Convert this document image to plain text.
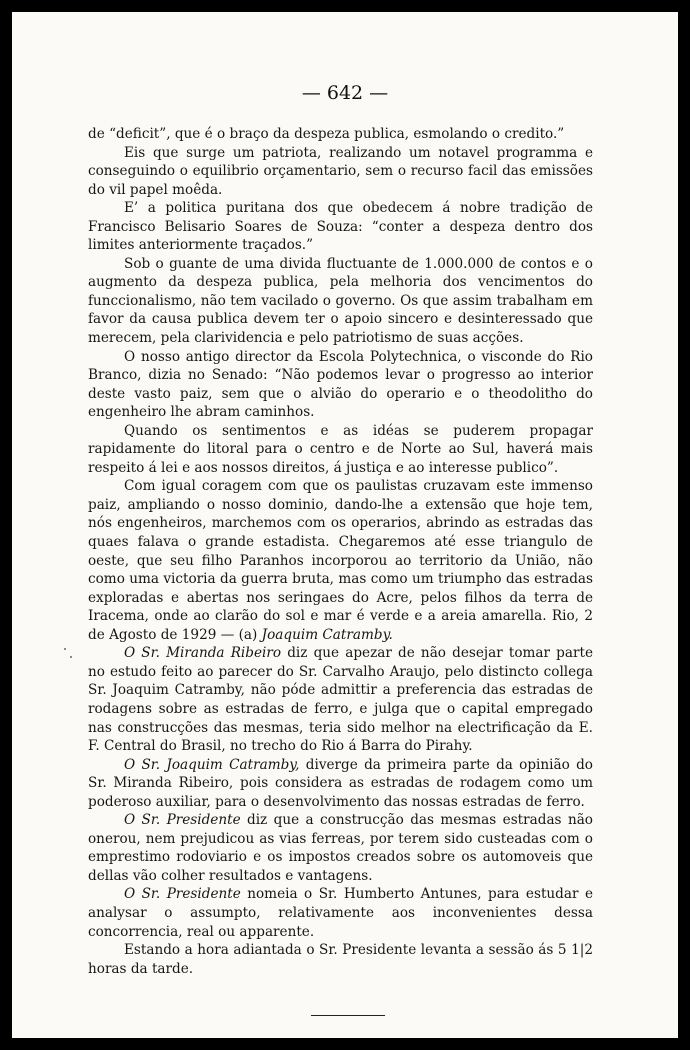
— 642 —

de “deficit”, que é o braço da despeza publica, esmolando o credito.”

Eis que surge um patriota, realizando um notavel programma e conseguindo o equilibrio orçamentario, sem o recurso facil das emissões do vil papel moêda.

E’ a politica puritana dos que obedecem á nobre tradição de Francisco Belisario Soares de Souza: “conter a despeza dentro dos limites anteriormente traçados.”

Sob o guante de uma divida fluctuante de 1.000.000 de contos e o augmento da despeza publica, pela melhoria dos vencimentos do funccionalismo, não tem vacilado o governo. Os que assim trabalham em favor da causa publica devem ter o apoio sincero e desinteressado que merecem, pela clarividencia e pelo patriotismo de suas acções.

O nosso antigo director da Escola Polytechnica, o visconde do Rio Branco, dizia no Senado: “Não podemos levar o progresso ao interior deste vasto paiz, sem que o alvião do operario e o theodolitho do engenheiro lhe abram caminhos.

Quando os sentimentos e as idéas se puderem propagar rapidamente do litoral para o centro e de Norte ao Sul, haverá mais respeito á lei e aos nossos direitos, á justiça e ao interesse publico”.

Com igual coragem com que os paulistas cruzavam este immenso paiz, ampliando o nosso dominio, dando-lhe a extensão que hoje tem, nós engenheiros, marchemos com os operarios, abrindo as estradas das quaes falava o grande estadista. Chegaremos até esse triangulo de oeste, que seu filho Paranhos incorporou ao territorio da União, não como uma victoria da guerra bruta, mas como um triumpho das estradas exploradas e abertas nos seringaes do Acre, pelos filhos da terra de Iracema, onde ao clarão do sol e mar é verde e a areia amarella. Rio, 2 de Agosto de 1929 — (a) Joaquim Catramby.

O Sr. Miranda Ribeiro diz que apezar de não desejar tomar parte no estudo feito ao parecer do Sr. Carvalho Araujo, pelo distincto collega Sr. Joaquim Catramby, não póde admittir a preferencia das estradas de rodagens sobre as estradas de ferro, e julga que o capital empregado nas construcções das mesmas, teria sido melhor na electrificação da E. F. Central do Brasil, no trecho do Rio á Barra do Pirahy.

O Sr. Joaquim Catramby, diverge da primeira parte da opinião do Sr. Miranda Ribeiro, pois considera as estradas de rodagem como um poderoso auxiliar, para o desenvolvimento das nossas estradas de ferro.

O Sr. Presidente diz que a construcção das mesmas estradas não onerou, nem prejudicou as vias ferreas, por terem sido custeadas com o emprestimo rodoviario e os impostos creados sobre os automoveis que dellas vão colher resultados e vantagens.

O Sr. Presidente nomeia o Sr. Humberto Antunes, para estudar e analysar o assumpto, relativamente aos inconvenientes dessa concorrencia, real ou apparente.

Estando a hora adiantada o Sr. Presidente levanta a sessão ás 5 1|2 horas da tarde.
